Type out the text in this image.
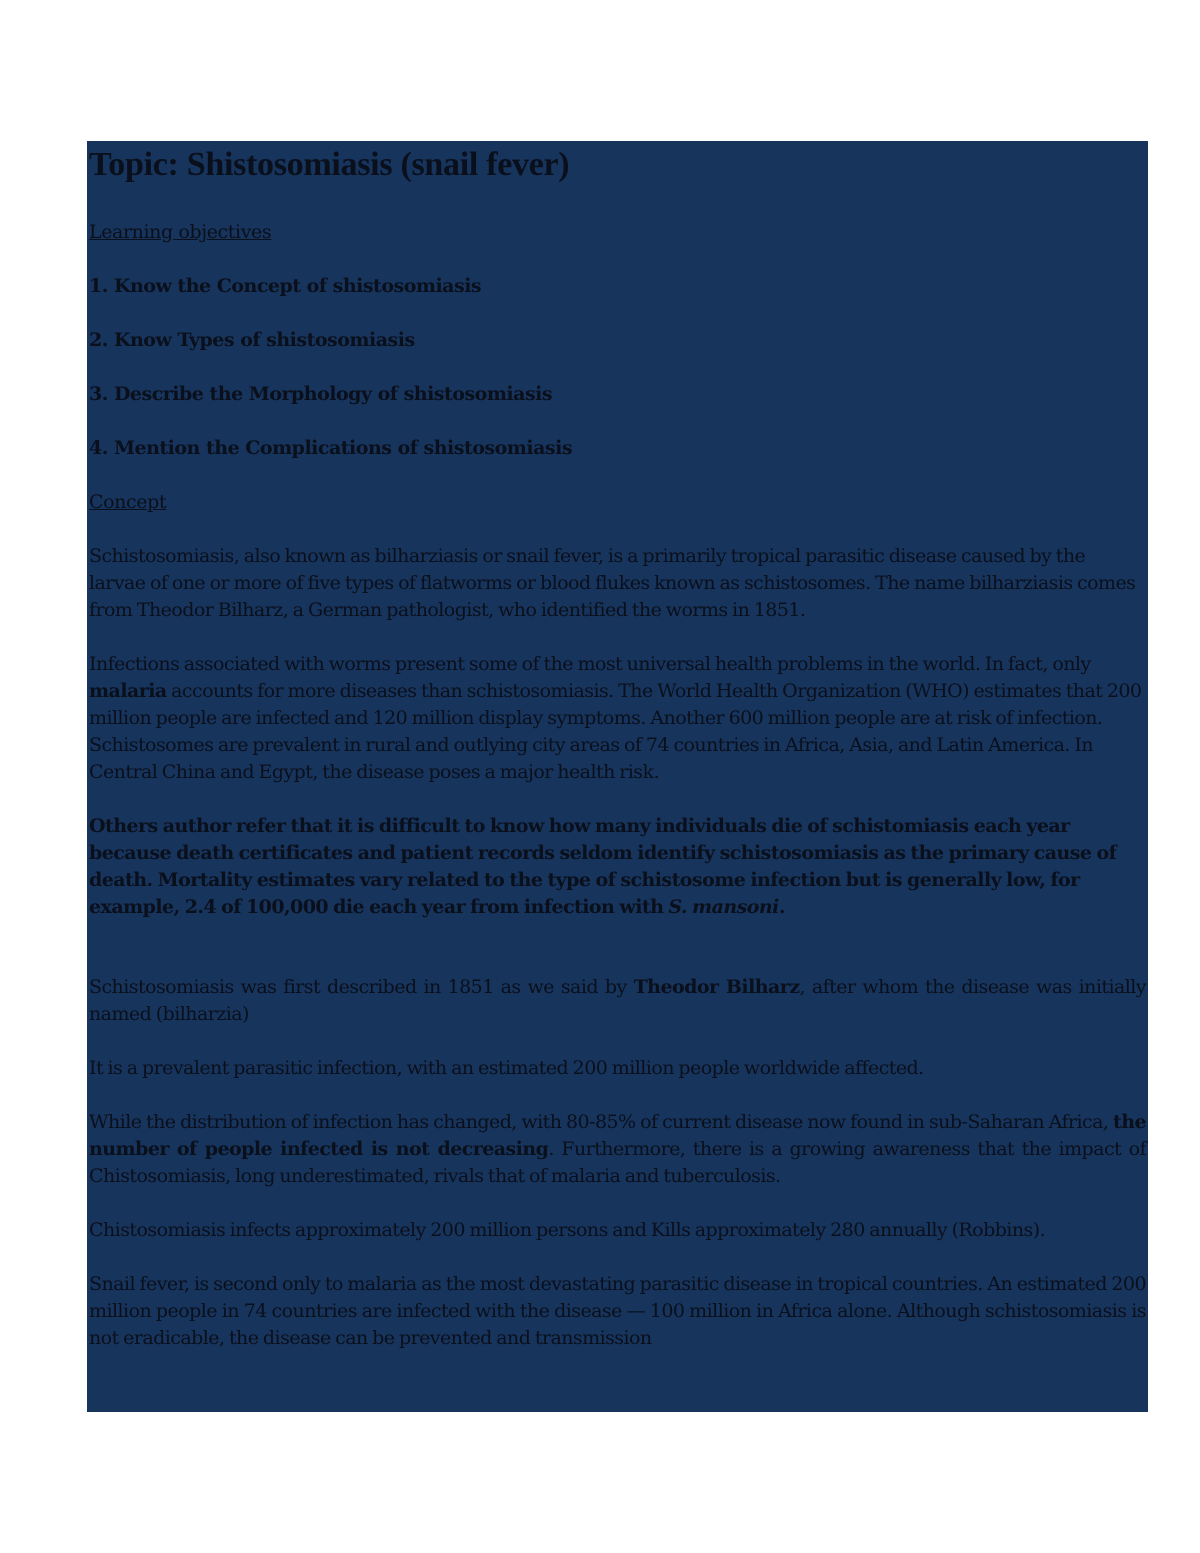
Topic: Shistosomiasis (snail fever)
Learning objectives
1. Know the Concept of shistosomiasis
2. Know Types of shistosomiasis
3. Describe the Morphology of shistosomiasis
4. Mention the Complications of shistosomiasis
Concept

Schistosomiasis, also known as bilharziasis or snail fever, is a primarily tropical parasitic disease caused by the larvae of one or more of five types of flatworms or blood flukes known as schistosomes. The name bilharziasis comes from Theodor Bilharz, a German pathologist, who identified the worms in 1851.

Infections associated with worms present some of the most universal health problems in the world. In fact, only malaria accounts for more diseases than schistosomiasis. The World Health Organization (WHO) estimates that 200 million people are infected and 120 million display symptoms. Another 600 million people are at risk of infection. Schistosomes are prevalent in rural and outlying city areas of 74 countries in Africa, Asia, and Latin America. In Central China and Egypt, the disease poses a major health risk.

Others author refer that it is difficult to know how many individuals die of schistomiasis each year because death certificates and patient records seldom identify schistosomiasis as the primary cause of death. Mortality estimates vary related to the type of schistosome infection but is generally low, for example, 2.4 of 100,000 die each year from infection with S. mansoni.

Schistosomiasis was first described in 1851 as we said by Theodor Bilharz, after whom the disease was initially named (bilharzia)

It is a prevalent parasitic infection, with an estimated 200 million people worldwide affected.

While the distribution of infection has changed, with 80-85% of current disease now found in sub-Saharan Africa, the number of people infected is not decreasing. Furthermore, there is a growing awareness that the impact of Chistosomiasis, long underestimated, rivals that of malaria and tuberculosis.

Chistosomiasis infects approximately 200 million persons and Kills approximately 280 annually (Robbins).

Snail fever, is second only to malaria as the most devastating parasitic disease in tropical countries. An estimated 200 million people in 74 countries are infected with the disease — 100 million in Africa alone. Although schistosomiasis is not eradicable, the disease can be prevented and transmission
